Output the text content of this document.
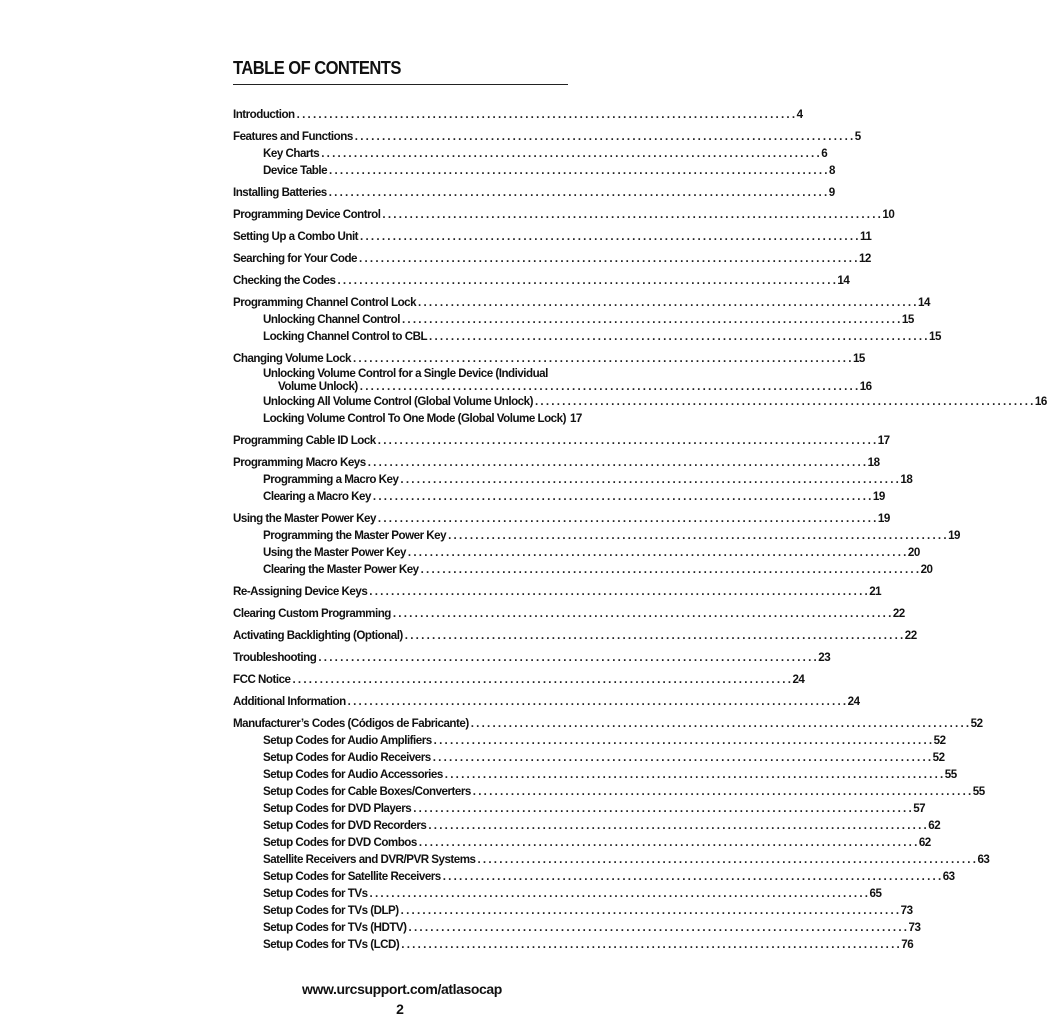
TABLE OF CONTENTS
Introduction . . .	4
Features and Functions . . .	5
Key Charts . . .	6
Device Table . . .	8
Installing Batteries . . .	9
Programming Device Control . . .	10
Setting Up a Combo Unit . . .	11
Searching for Your Code . . .	12
Checking the Codes . . .	14
Programming Channel Control Lock . . .	14
Unlocking Channel Control . . .	15
Locking Channel Control to CBL . . .	15
Changing Volume Lock . . .	15
Unlocking Volume Control for a Single Device (Individual
Volume Unlock) . . .	16
Unlocking All Volume Control (Global Volume Unlock) . . .	16
Locking Volume Control To One Mode (Global Volume Lock) 17
Programming Cable ID Lock . . .	17
Programming Macro Keys . . .	18
Programming a Macro Key . . .	18
Clearing a Macro Key . . .	19
Using the Master Power Key . . .	19
Programming the Master Power Key . . .	19
Using the Master Power Key . . .	20
Clearing the Master Power Key . . .	20
Re-Assigning Device Keys . . .	21
Clearing Custom Programming . . .	22
Activating Backlighting (Optional) . . .	22
Troubleshooting . . .	23
FCC Notice . . .	24
Additional Information . . .	24
Manufacturer’s Codes (Códigos de Fabricante) . . .	52
Setup Codes for Audio Amplifiers . . .	52
Setup Codes for Audio Receivers . . .	52
Setup Codes for Audio Accessories . . .	55
Setup Codes for Cable Boxes/Converters . . .	55
Setup Codes for DVD Players . . .	57
Setup Codes for DVD Recorders . . .	62
Setup Codes for DVD Combos . . .	62
Satellite Receivers and DVR/PVR Systems . . .	63
Setup Codes for Satellite Receivers . . .	63
Setup Codes for TVs . . .	65
Setup Codes for TVs (DLP) . . .	73
Setup Codes for TVs (HDTV) . . .	73
Setup Codes for TVs (LCD) . . .	76
www.urcsupport.com/atlasocap
2
